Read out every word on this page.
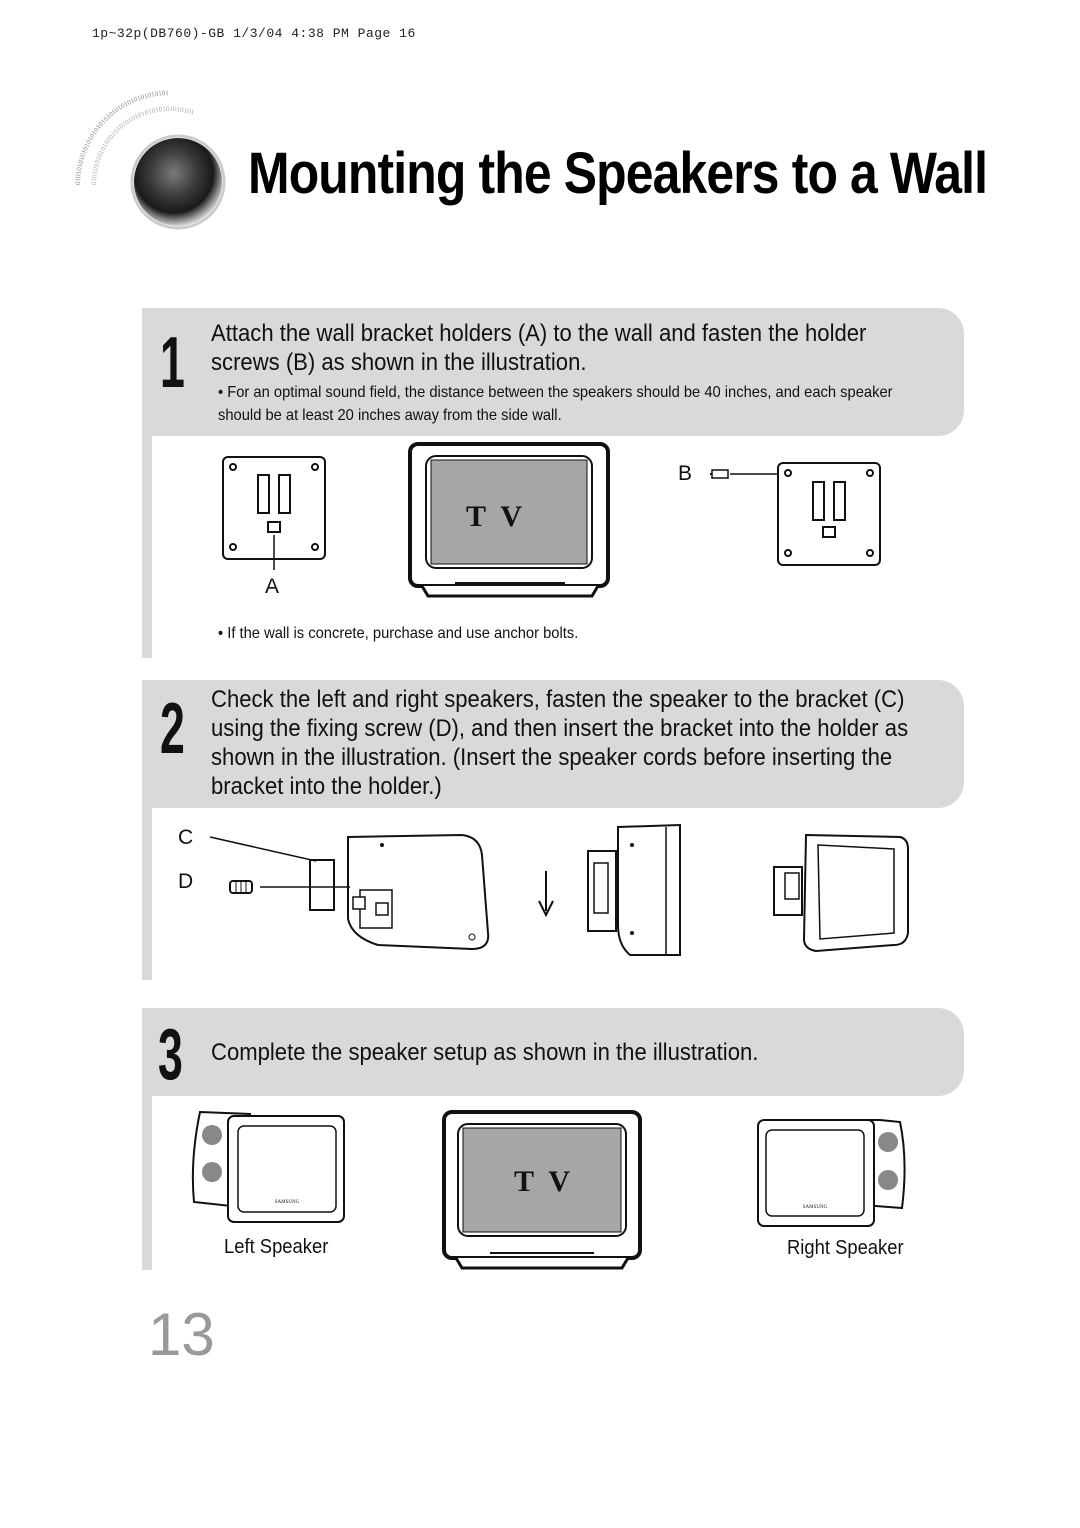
1p~32p(DB760)-GB 1/3/04 4:38 PM Page 16
0101010101010101010101010101010101010101
0101010101010101010101010101010101010101
Mounting the Speakers to a Wall
1 Attach the wall bracket holders (A) to the wall and fasten the holder screws (B) as shown in the illustration.
• For an optimal sound field, the distance between the speakers should be 40 inches, and each speaker should be at least 20 inches away from the side wall.
T V
A
B
• If the wall is concrete, purchase and use anchor bolts.
2 Check the left and right speakers, fasten the speaker to the bracket (C) using the fixing screw (D), and then insert the bracket into the holder as shown in the illustration. (Insert the speaker cords before inserting the bracket into the holder.)
C
D
3 Complete the speaker setup as shown in the illustration.
SAMSUNG
SAMSUNG
T V
Left Speaker	Right Speaker
13
